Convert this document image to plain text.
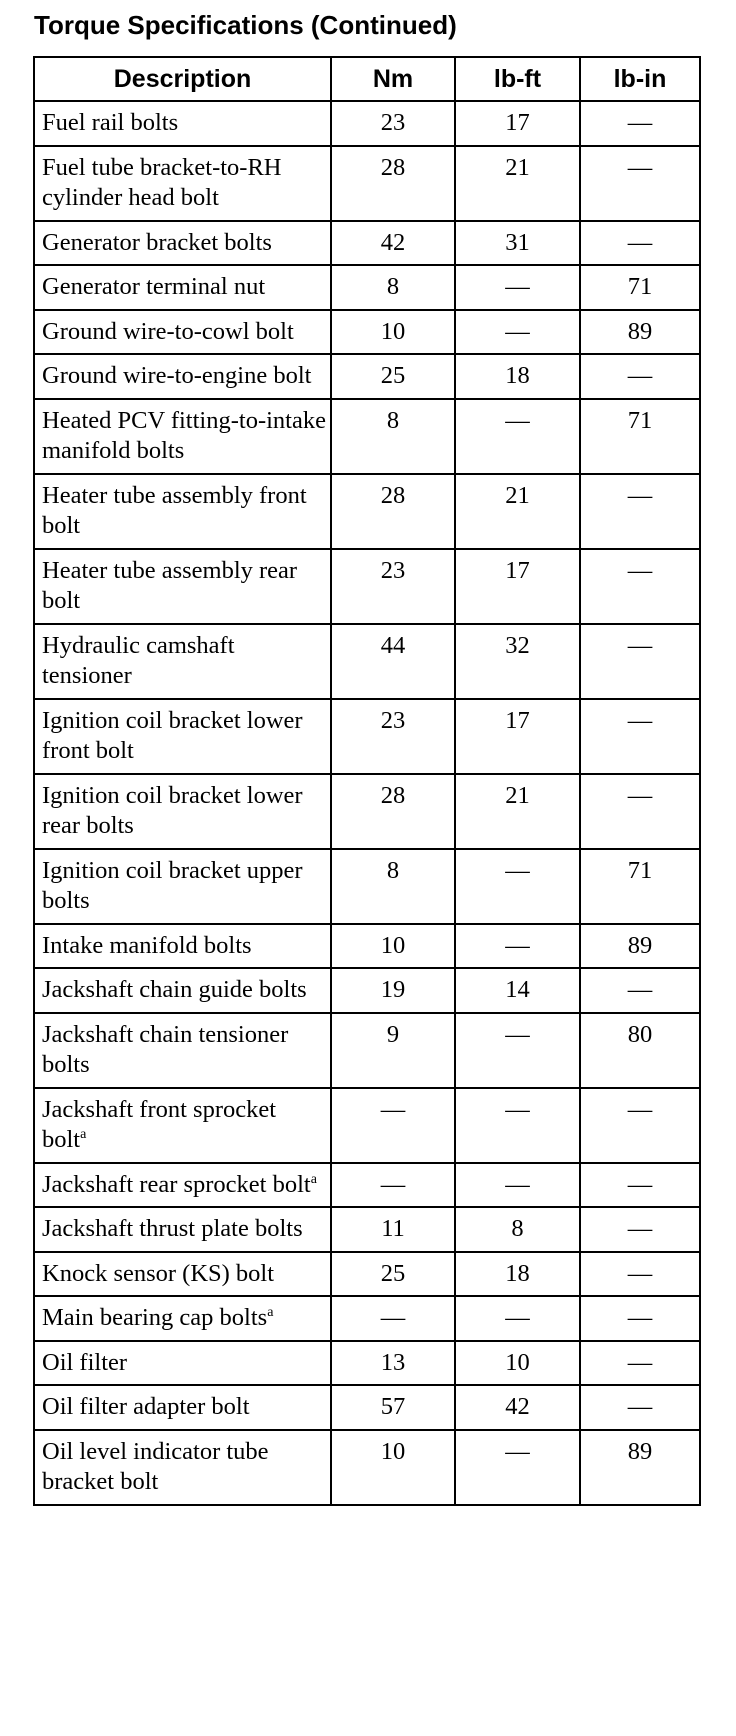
Torque Specifications (Continued)
Description	Nm	lb-ft	lb-in
Fuel rail bolts	23	17	—
Fuel tube bracket-to-RH cylinder head bolt	28	21	—
Generator bracket bolts	42	31	—
Generator terminal nut	8	—	71
Ground wire-to-cowl bolt	10	—	89
Ground wire-to-engine bolt	25	18	—
Heated PCV fitting-to-intake manifold bolts	8	—	71
Heater tube assembly front bolt	28	21	—
Heater tube assembly rear bolt	23	17	—
Hydraulic camshaft tensioner	44	32	—
Ignition coil bracket lower front bolt	23	17	—
Ignition coil bracket lower rear bolts	28	21	—
Ignition coil bracket upper bolts	8	—	71
Intake manifold bolts	10	—	89
Jackshaft chain guide bolts	19	14	—
Jackshaft chain tensioner bolts	9	—	80
Jackshaft front sprocket bolt$^a$	—	—	—
Jackshaft rear sprocket bolt$^a$	—	—	—
Jackshaft thrust plate bolts	11	8	—
Knock sensor (KS) bolt	25	18	—
Main bearing cap bolts$^a$	—	—	—
Oil filter	13	10	—
Oil filter adapter bolt	57	42	—
Oil level indicator tube bracket bolt	10	—	89
